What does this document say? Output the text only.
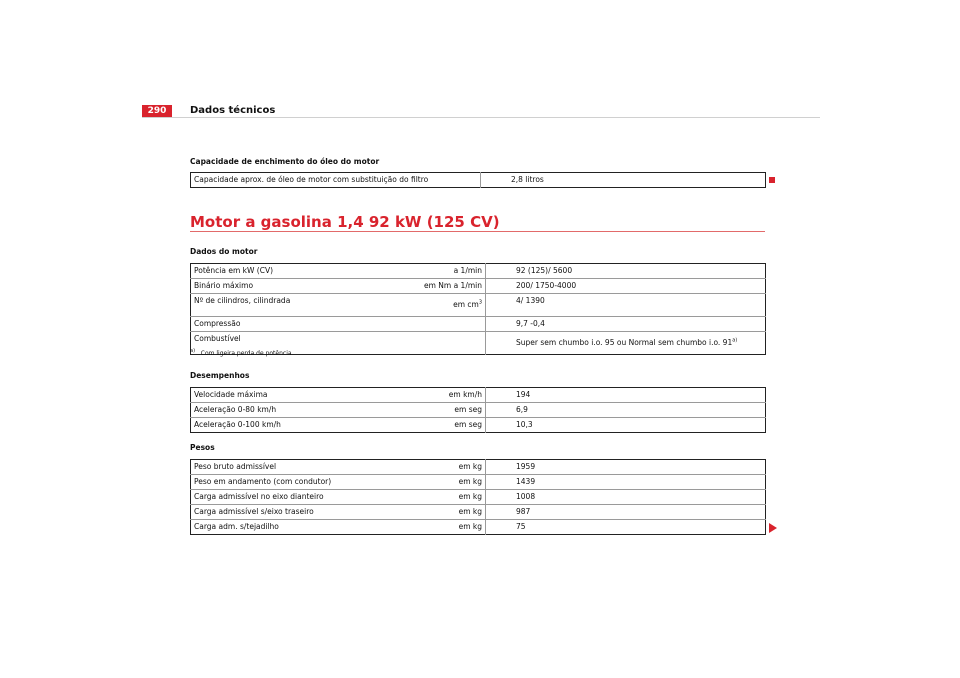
290	Dados técnicos
Capacidade de enchimento do óleo do motor
Capacidade aprox. de óleo de motor com substituição do filtro	2,8 litros
Motor a gasolina 1,4 92 kW (125 CV)
Dados do motor
Potência em kW (CV)	a 1/min	92 (125)/ 5600
Binário máximo	em Nm a 1/min	200/ 1750-4000
Nº de cilindros, cilindrada	em $cm^3$	4/ 1390
Compressão		9,7 -0,4
Combustível		Super sem chumbo i.o. 95 ou Normal sem chumbo i.o. 91$^{a)}$
$^{a)}$ Com ligeira perda de potência
Desempenhos
Velocidade máxima	em km/h	194
Aceleração 0-80 km/h	em seg	6,9
Aceleração 0-100 km/h	em seg	10,3
Pesos
Peso bruto admissível	em kg	1959
Peso em andamento (com condutor)	em kg	1439
Carga admissível no eixo dianteiro	em kg	1008
Carga admissível s/eixo traseiro	em kg	987
Carga adm. s/tejadilho	em kg	75
